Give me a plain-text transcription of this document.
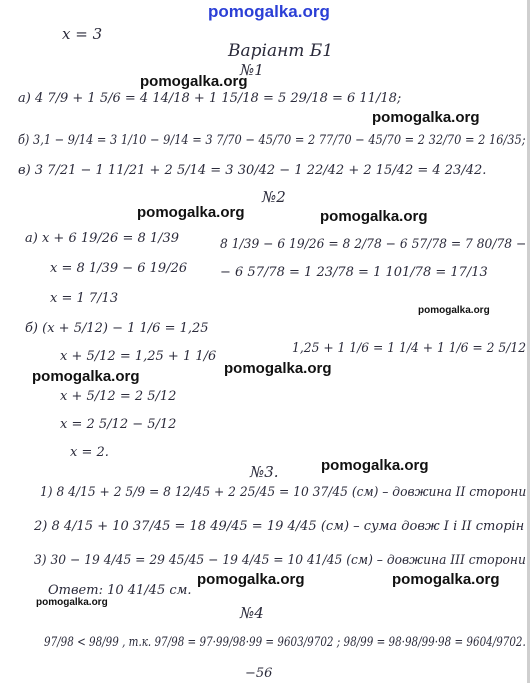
pomogalka.org
x = 3
Варiант Б1
№1
pomogalka.org
а) 4 7/9 + 1 5/6 = 4 14/18 + 1 15/18 = 5 29/18 = 6 11/18;
pomogalka.org
б) 3,1 − 9/14 = 3 1/10 − 9/14 = 3 7/70 − 45/70 = 2 77/70 − 45/70 = 2 32/70 = 2 16/35;
в) 3 7/21 − 1 11/21 + 2 5/14 = 3 30/42 − 1 22/42 + 2 15/42 = 4 23/42.
№2
pomogalka.org	pomogalka.org
а) x + 6 19/26 = 8 1/39	8 1/39 − 6 19/26 = 8 2/78 − 6 57/78 = 7 80/78 −
x = 8 1/39 − 6 19/26	− 6 57/78 = 1 23/78 = 1 101/78 = 17/13
x = 1 7/13
pomogalka.org
б) (x + 5/12) − 1 1/6 = 1,25
1,25 + 1 1/6 = 1 1/4 + 1 1/6 = 2 5/12
x + 5/12 = 1,25 + 1 1/6
pomogalka.org	pomogalka.org
x + 5/12 = 2 5/12
x = 2 5/12 − 5/12
x = 2.
pomogalka.org
№3.
1) 8 4/15 + 2 5/9 = 8 12/45 + 2 25/45 = 10 37/45 (см) – довжина ІІ сторони
2) 8 4/15 + 10 37/45 = 18 49/45 = 19 4/45 (см) – сума довж І і ІІ сторін
3) 30 − 19 4/45 = 29 45/45 − 19 4/45 = 10 41/45 (см) – довжина ІІІ сторони
pomogalka.org	pomogalka.org
Ответ: 10 41/45 см.
pomogalka.org
№4
97/98 < 98/99 , т.к. 97/98 = 97·99/98·99 = 9603/9702 ; 98/99 = 98·98/99·98 = 9604/9702.
−56
